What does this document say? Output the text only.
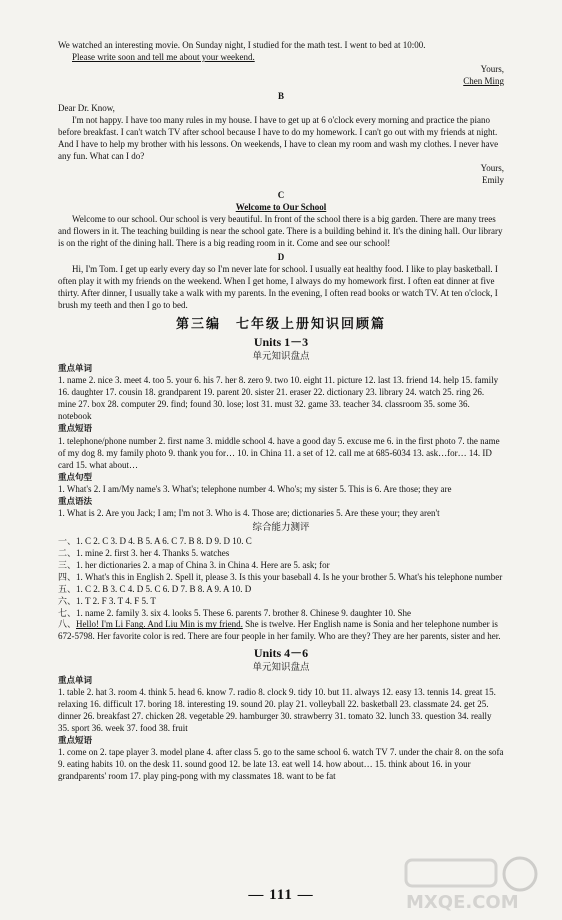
We watched an interesting movie. On Sunday night, I studied for the math test. I went to bed at 10:00.

Please write soon and tell me about your weekend.

Yours,

Chen Ming

B

Dear Dr. Know,

I'm not happy. I have too many rules in my house. I have to get up at 6 o'clock every morning and practice the piano before breakfast. I can't watch TV after school because I have to do my homework. I can't go out with my friends at night. And I have to help my brother with his lessons. On weekends, I have to clean my room and wash my clothes. I never have any fun. What can I do?

Yours,

Emily

C

Welcome to Our School

Welcome to our school. Our school is very beautiful. In front of the school there is a big garden. There are many trees and flowers in it. The teaching building is near the school gate. There is a building behind it. It's the dining hall. Our library is on the right of the dining hall. There is a big reading room in it. Come and see our school!

D

Hi, I'm Tom. I get up early every day so I'm never late for school. I usually eat healthy food. I like to play basketball. I often play it with my friends on the weekend. When I get home, I always do my homework first. I often eat dinner at five thirty. After dinner, I usually take a walk with my parents. In the evening, I often read books or watch TV. At ten o'clock, I brush my teeth and then I go to bed.

第三编　七年级上册知识回顾篇

Units 1－3

单元知识盘点

重点单词

1. name 2. nice 3. meet 4. too 5. your 6. his 7. her 8. zero 9. two 10. eight 11. picture 12. last 13. friend 14. help 15. family 16. daughter 17. cousin 18. grandparent 19. parent 20. sister 21. eraser 22. dictionary 23. library 24. watch 25. ring 26. mine 27. box 28. computer 29. find; found 30. lose; lost 31. must 32. game 33. teacher 34. classroom 35. some 36. notebook

重点短语

1. telephone/phone number 2. first name 3. middle school 4. have a good day 5. excuse me 6. in the first photo 7. the name of my dog 8. my family photo 9. thank you for… 10. in China 11. a set of 12. call me at 685-6034 13. ask…for… 14. ID card 15. what about…

重点句型

1. What's 2. I am/My name's 3. What's; telephone number 4. Who's; my sister 5. This is 6. Are those; they are

重点语法

1. What is 2. Are you Jack; I am; I'm not 3. Who is 4. Those are; dictionaries 5. Are these your; they aren't

综合能力测评

一、1. C 2. C 3. D 4. B 5. A 6. C 7. B 8. D 9. D 10. C

二、1. mine 2. first 3. her 4. Thanks 5. watches

三、1. her dictionaries 2. a map of China 3. in China 4. Here are 5. ask; for

四、1. What's this in English 2. Spell it, please 3. Is this your baseball 4. Is he your brother 5. What's his telephone number

五、1. C 2. B 3. C 4. D 5. C 6. D 7. B 8. A 9. A 10. D

六、1. T 2. F 3. T 4. F 5. T

七、1. name 2. family 3. six 4. looks 5. These 6. parents 7. brother 8. Chinese 9. daughter 10. She

八、Hello! I'm Li Fang. And Liu Min is my friend. She is twelve. Her English name is Sonia and her telephone number is 672-5798. Her favorite color is red. There are four people in her family. Who are they? They are her parents, sister and her.

Units 4－6

单元知识盘点

重点单词

1. table 2. hat 3. room 4. think 5. head 6. know 7. radio 8. clock 9. tidy 10. but 11. always 12. easy 13. tennis 14. great 15. relaxing 16. difficult 17. boring 18. interesting 19. sound 20. play 21. volleyball 22. basketball 23. classmate 24. get 25. dinner 26. breakfast 27. chicken 28. vegetable 29. hamburger 30. strawberry 31. tomato 32. lunch 33. question 34. really 35. sport 36. week 37. food 38. fruit

重点短语

1. come on 2. tape player 3. model plane 4. after class 5. go to the same school 6. watch TV 7. under the chair 8. on the sofa 9. eating habits 10. on the desk 11. sound good 12. be late 13. eat well 14. how about… 15. think about 16. in your grandparents' room 17. play ping-pong with my classmates 18. want to be fat

— 111 —	MXQE.COM
